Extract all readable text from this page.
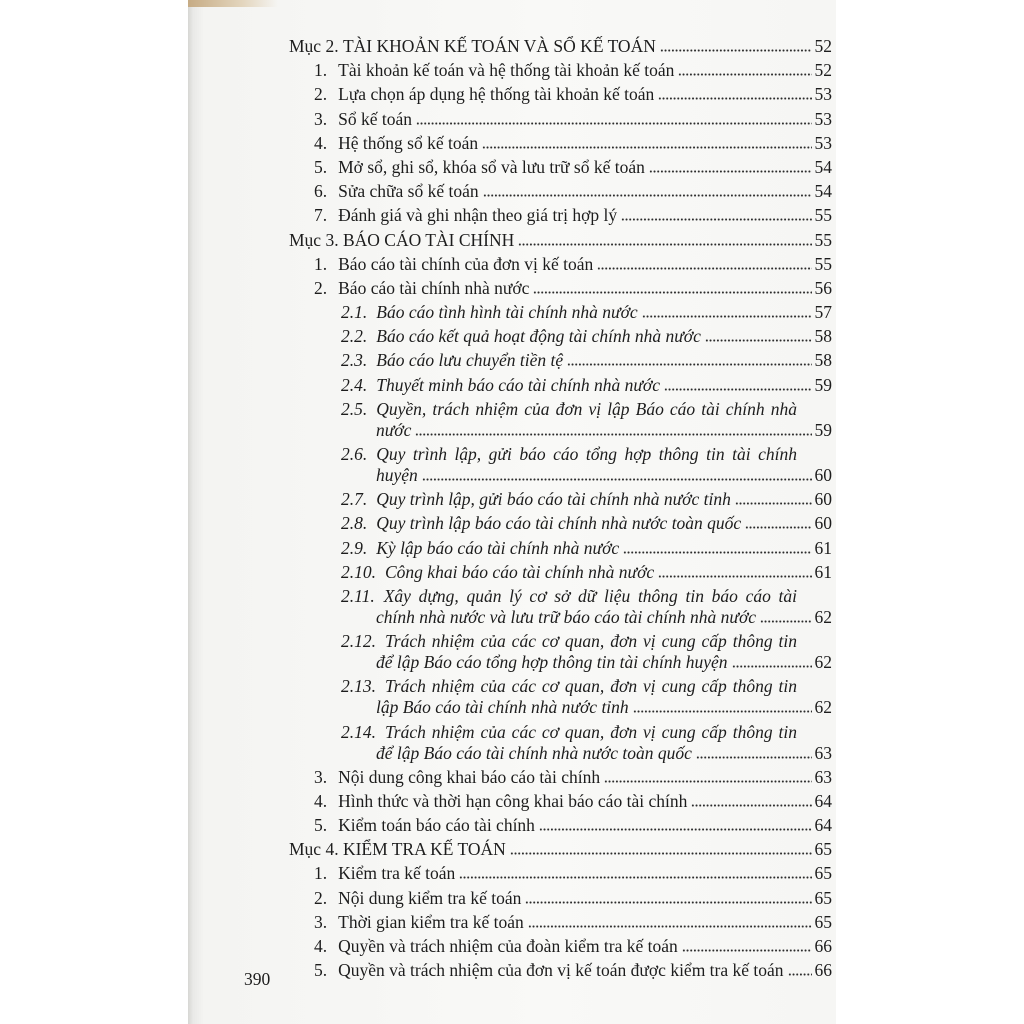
Mục 2. TÀI KHOẢN KẾ TOÁN VÀ SỔ KẾ TOÁN	52
1. Tài khoản kế toán và hệ thống tài khoản kế toán	52
2. Lựa chọn áp dụng hệ thống tài khoản kế toán	53
3. Sổ kế toán	53
4. Hệ thống sổ kế toán	53
5. Mở sổ, ghi sổ, khóa sổ và lưu trữ sổ kế toán	54
6. Sửa chữa sổ kế toán	54
7. Đánh giá và ghi nhận theo giá trị hợp lý	55
Mục 3. BÁO CÁO TÀI CHÍNH	55
1. Báo cáo tài chính của đơn vị kế toán	55
2. Báo cáo tài chính nhà nước	56
2.1. Báo cáo tình hình tài chính nhà nước	57
2.2. Báo cáo kết quả hoạt động tài chính nhà nước	58
2.3. Báo cáo lưu chuyển tiền tệ	58
2.4. Thuyết minh báo cáo tài chính nhà nước	59
2.5. Quyền, trách nhiệm của đơn vị lập Báo cáo tài chính nhà
nước	59
2.6. Quy trình lập, gửi báo cáo tổng hợp thông tin tài chính
huyện	60
2.7. Quy trình lập, gửi báo cáo tài chính nhà nước tỉnh	60
2.8. Quy trình lập báo cáo tài chính nhà nước toàn quốc	60
2.9. Kỳ lập báo cáo tài chính nhà nước	61
2.10. Công khai báo cáo tài chính nhà nước	61
2.11. Xây dựng, quản lý cơ sở dữ liệu thông tin báo cáo tài
chính nhà nước và lưu trữ báo cáo tài chính nhà nước	62
2.12. Trách nhiệm của các cơ quan, đơn vị cung cấp thông tin
để lập Báo cáo tổng hợp thông tin tài chính huyện	62
2.13. Trách nhiệm của các cơ quan, đơn vị cung cấp thông tin
lập Báo cáo tài chính nhà nước tỉnh	62
2.14. Trách nhiệm của các cơ quan, đơn vị cung cấp thông tin
để lập Báo cáo tài chính nhà nước toàn quốc	63
3. Nội dung công khai báo cáo tài chính	63
4. Hình thức và thời hạn công khai báo cáo tài chính	64
5. Kiểm toán báo cáo tài chính	64
Mục 4. KIỂM TRA KẾ TOÁN	65
1. Kiểm tra kế toán	65
2. Nội dung kiểm tra kế toán	65
3. Thời gian kiểm tra kế toán	65
4. Quyền và trách nhiệm của đoàn kiểm tra kế toán	66
5. Quyền và trách nhiệm của đơn vị kế toán được kiểm tra kế toán 66
390
